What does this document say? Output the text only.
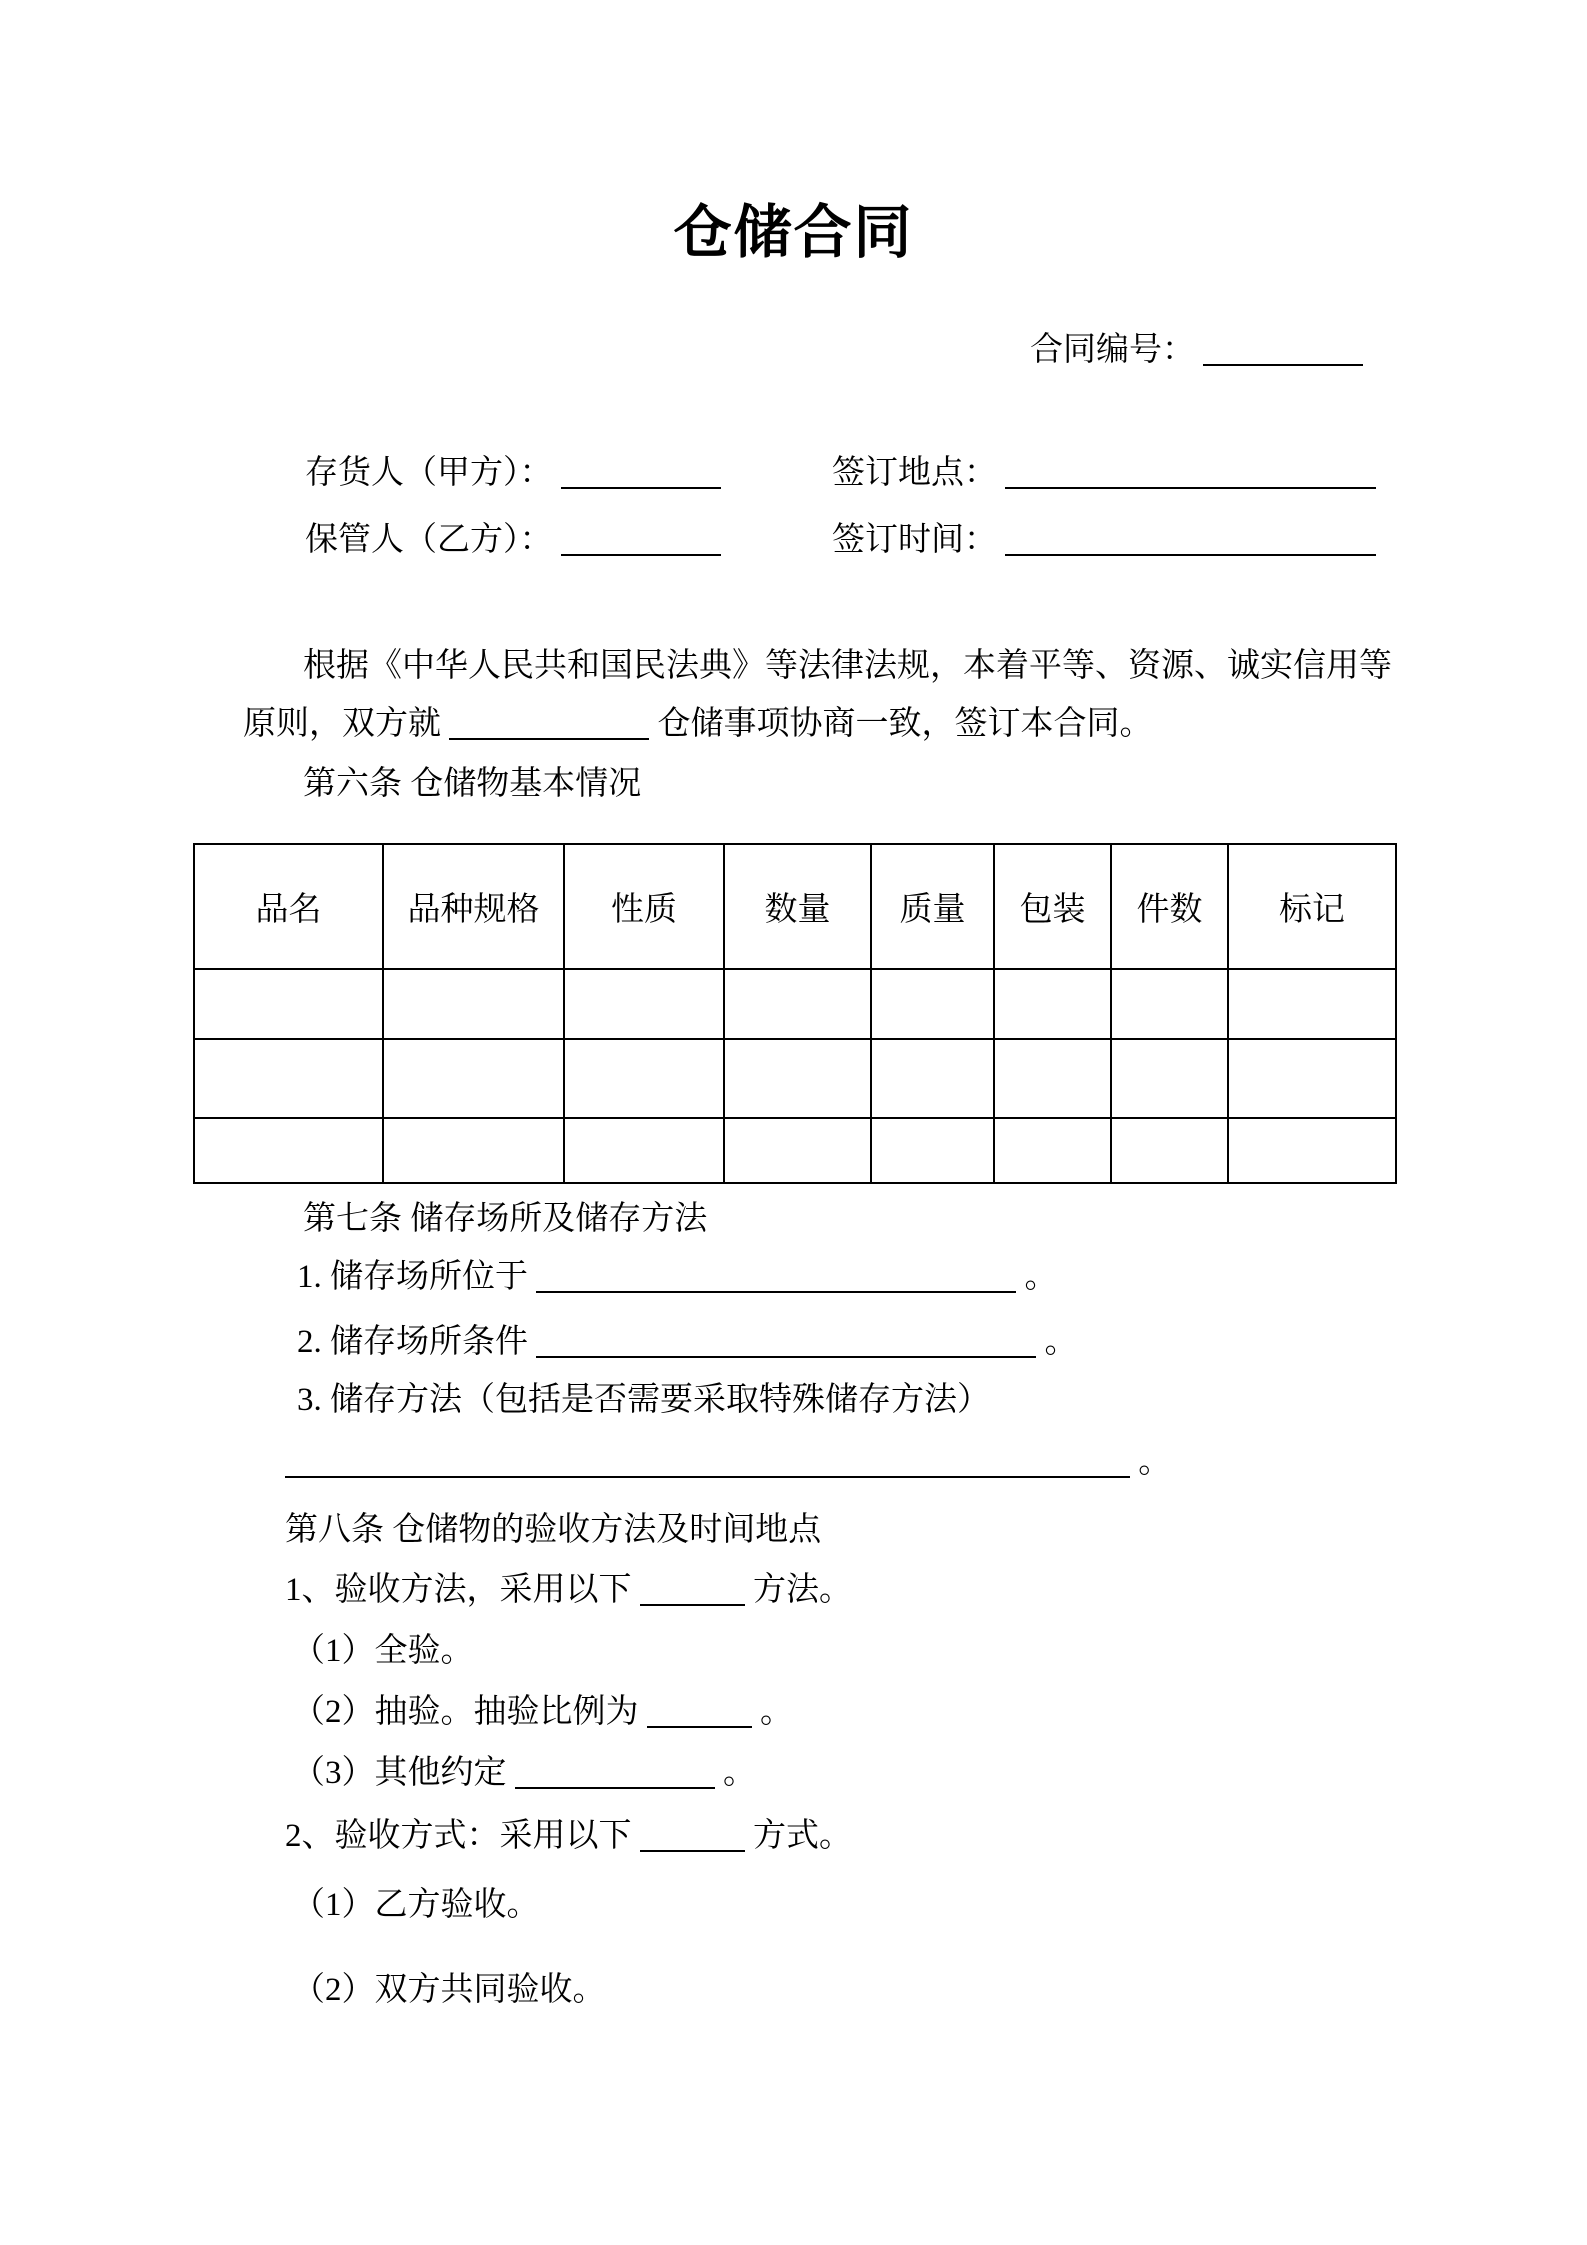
仓储合同
合同编号：
存货人（甲方）：	签订地点：
保管人（乙方）：	签订时间：
根据《中华人民共和国民法典》等法律法规，本着平等、资源、诚实信用等
原则，双方就	仓储事项协商一致，签订本合同。
第六条 仓储物基本情况
品名	品种规格	性质	数量	质量	包装	件数	标记

第七条 储存场所及储存方法
1. 储存场所位于	。
2. 储存场所条件	。
3. 储存方法（包括是否需要采取特殊储存方法）
。
第八条 仓储物的验收方法及时间地点
1、验收方法，采用以下	方法。
（1）全验。
（2）抽验。抽验比例为	。
（3）其他约定	。
2、验收方式：采用以下	方式。
（1）乙方验收。
（2）双方共同验收。
